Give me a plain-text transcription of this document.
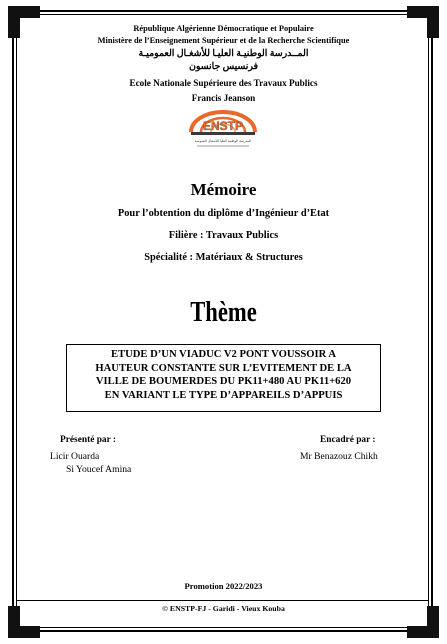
République Algérienne Démocratique et Populaire
Ministère de l’Enseignement Supérieur et de la Recherche Scientifique
المــدرسة الوطنيـة العليـا للأشغـال العموميـة
فرنسيس جانسون
Ecole Nationale Supérieure des Travaux Publics
Francis Jeanson
ENSTP
المدرسة الوطنية العليا للأشغال العمومية
Mémoire
Pour l’obtention du diplôme d’Ingénieur d’Etat
Filière : Travaux Publics
Spécialité : Matériaux & Structures
Thème
ETUDE D’UN VIADUC V2 PONT VOUSSOIR A
HAUTEUR CONSTANTE SUR L’EVITEMENT DE LA
VILLE DE BOUMERDES DU PK11+480 AU PK11+620
EN VARIANT LE TYPE D’APPAREILS D’APPUIS
Présenté par :
Licir Ouarda
Si Youcef Amina
Encadré par :
Mr Benazouz Chikh
Promotion 2022/2023
© ENSTP-FJ - Garidi - Vieux Kouba
